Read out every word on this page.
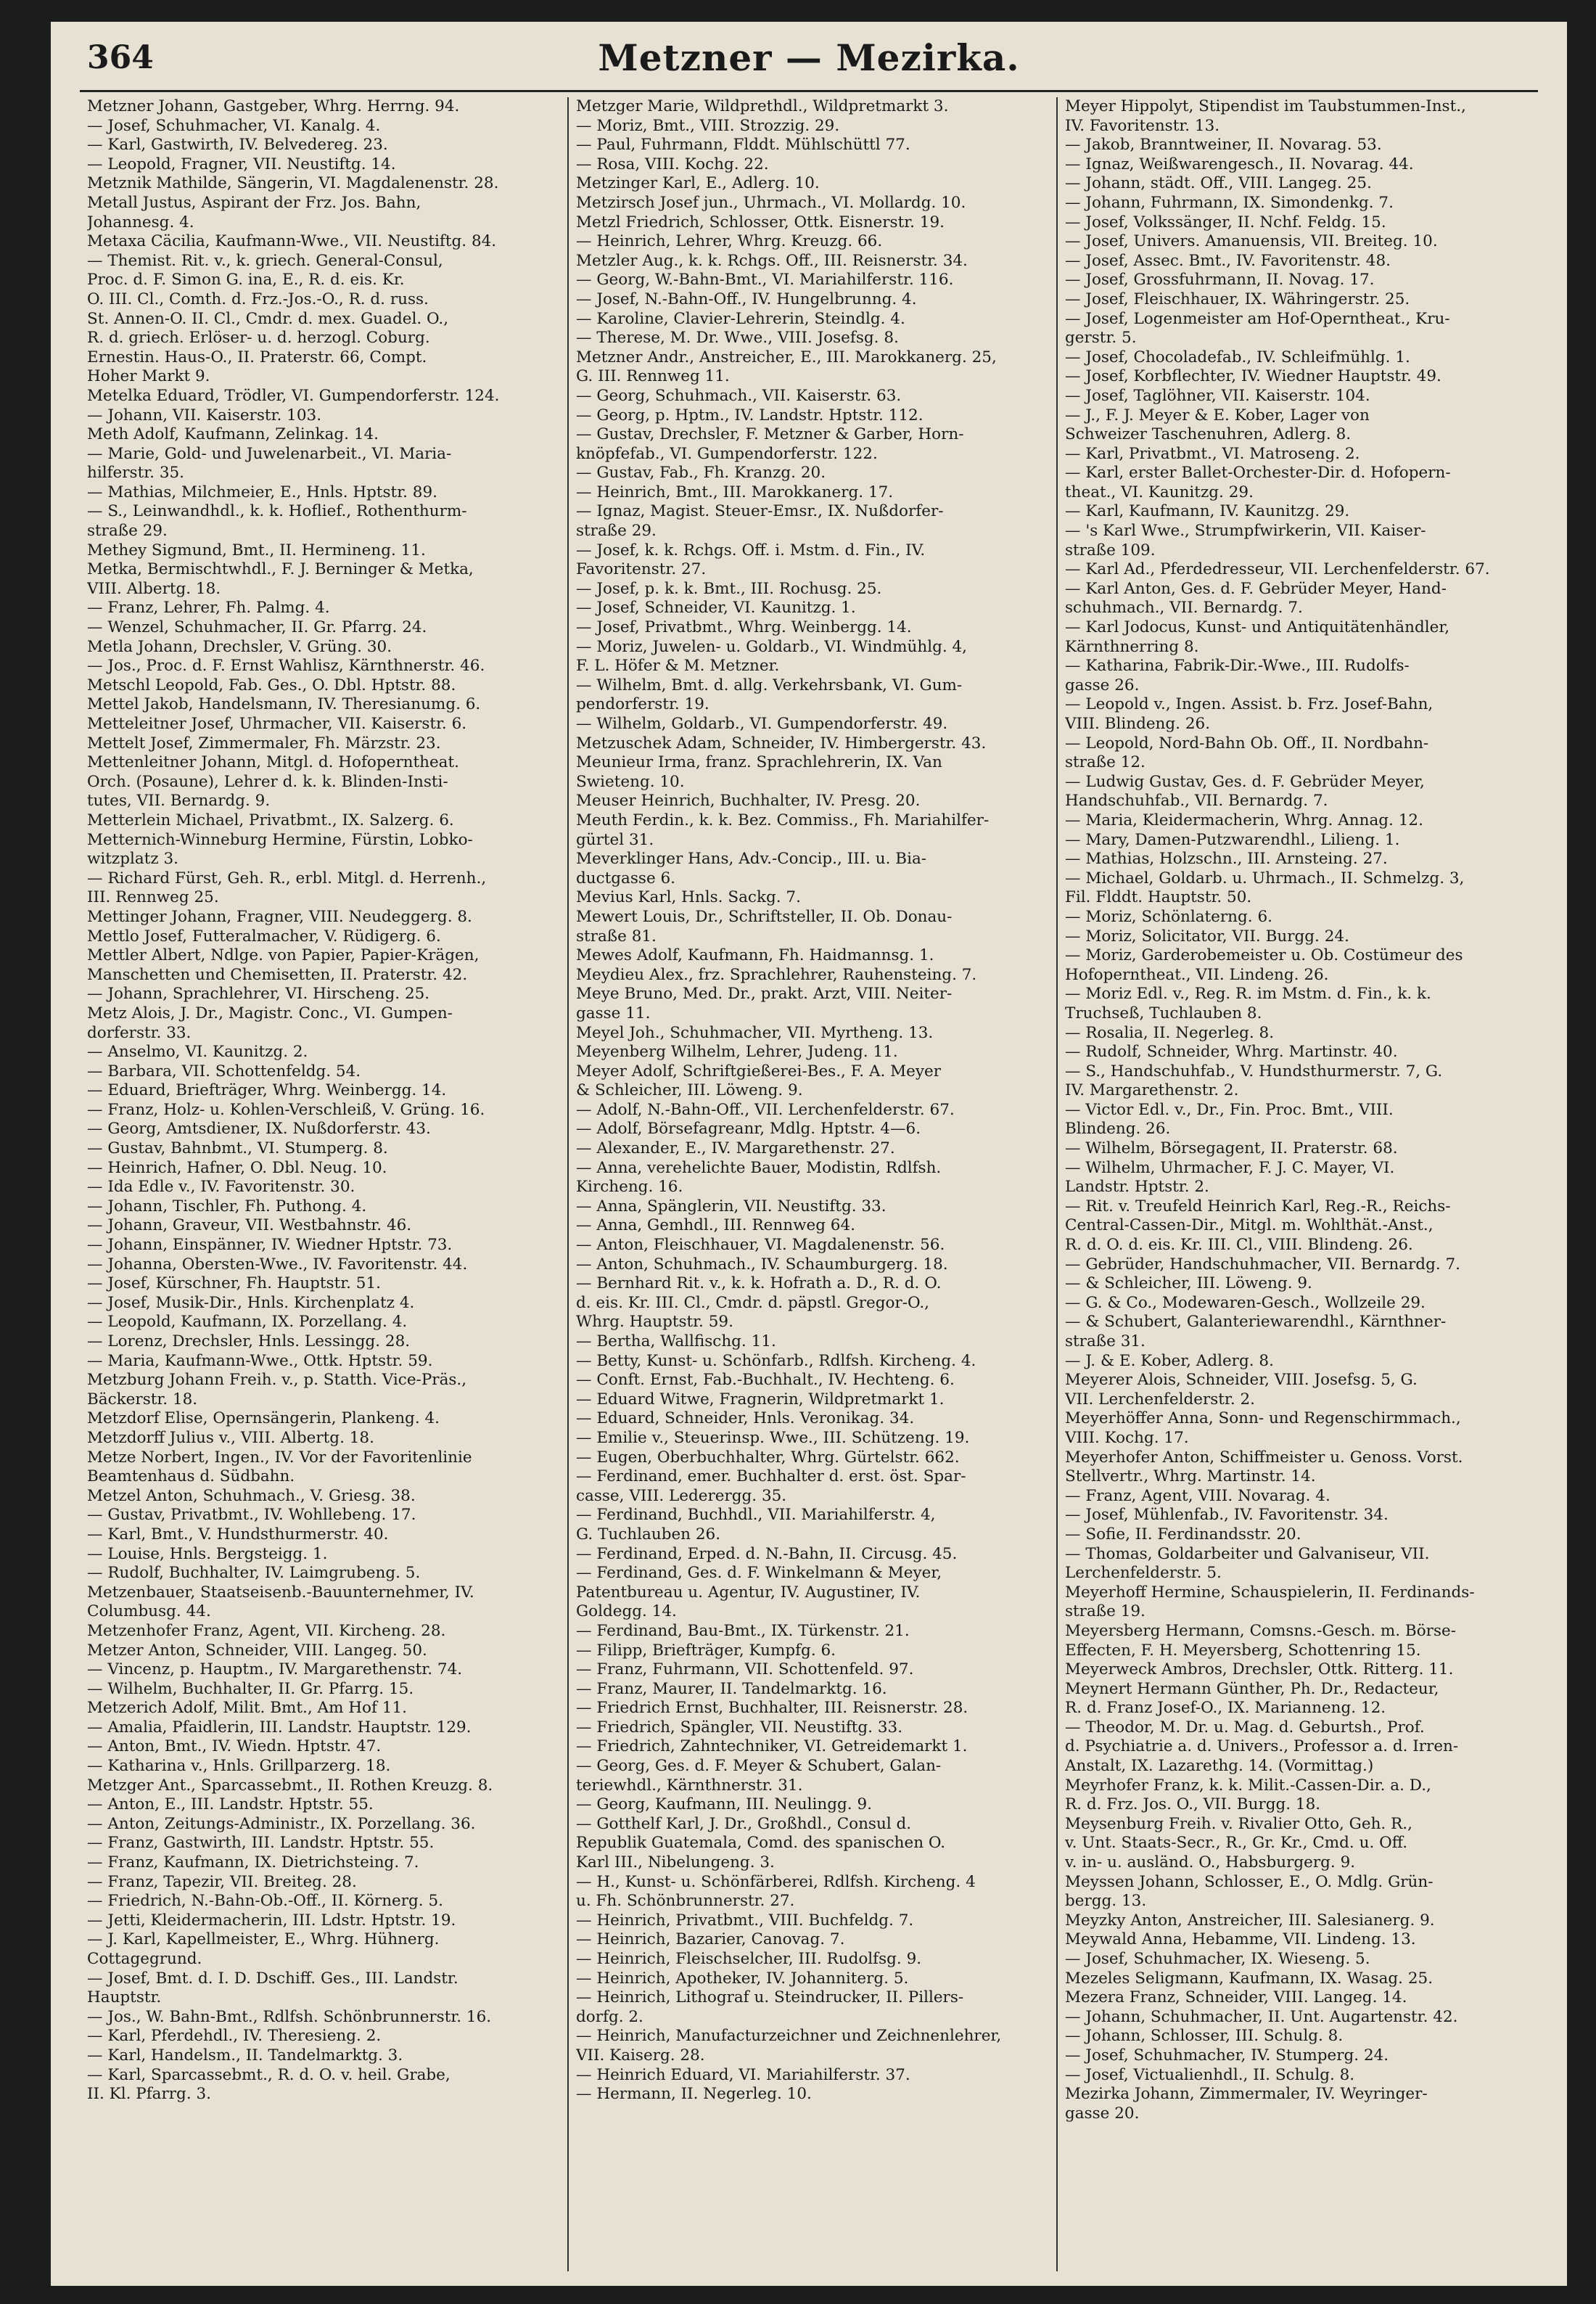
364	Metzner — Mezirka.
Metzner Johann, Gastgeber, Whrg. Herrng. 94.
— Josef, Schuhmacher, VI. Kanalg. 4.
— Karl, Gastwirth, IV. Belvedereg. 23.
— Leopold, Fragner, VII. Neustiftg. 14.
Metznik Mathilde, Sängerin, VI. Magdalenenstr. 28.
Metall Justus, Aspirant der Frz. Jos. Bahn,
Johannesg. 4.
Metaxa Cäcilia, Kaufmann-Wwe., VII. Neustiftg. 84.
— Themist. Rit. v., k. griech. General-Consul,
Proc. d. F. Simon G. ina, E., R. d. eis. Kr.
O. III. Cl., Comth. d. Frz.-Jos.-O., R. d. russ.
St. Annen-O. II. Cl., Cmdr. d. mex. Guadel. O.,
R. d. griech. Erlöser- u. d. herzogl. Coburg.
Ernestin. Haus-O., II. Praterstr. 66, Compt.
Hoher Markt 9.
Metelka Eduard, Trödler, VI. Gumpendorferstr. 124.
— Johann, VII. Kaiserstr. 103.
Meth Adolf, Kaufmann, Zelinkag. 14.
— Marie, Gold- und Juwelenarbeit., VI. Maria-
hilferstr. 35.
— Mathias, Milchmeier, E., Hnls. Hptstr. 89.
— S., Leinwandhdl., k. k. Hoflief., Rothenthurm-
straße 29.
Methey Sigmund, Bmt., II. Hermineng. 11.
Metka, Bermischtwhdl., F. J. Berninger & Metka,
VIII. Albertg. 18.
— Franz, Lehrer, Fh. Palmg. 4.
— Wenzel, Schuhmacher, II. Gr. Pfarrg. 24.
Metla Johann, Drechsler, V. Grüng. 30.
— Jos., Proc. d. F. Ernst Wahlisz, Kärnthnerstr. 46.
Metschl Leopold, Fab. Ges., O. Dbl. Hptstr. 88.
Mettel Jakob, Handelsmann, IV. Theresianumg. 6.
Metteleitner Josef, Uhrmacher, VII. Kaiserstr. 6.
Mettelt Josef, Zimmermaler, Fh. Märzstr. 23.
Mettenleitner Johann, Mitgl. d. Hofoperntheat.
Orch. (Posaune), Lehrer d. k. k. Blinden-Insti-
tutes, VII. Bernardg. 9.
Metterlein Michael, Privatbmt., IX. Salzerg. 6.
Metternich-Winneburg Hermine, Fürstin, Lobko-
witzplatz 3.
— Richard Fürst, Geh. R., erbl. Mitgl. d. Herrenh.,
III. Rennweg 25.
Mettinger Johann, Fragner, VIII. Neudeggerg. 8.
Mettlo Josef, Futteralmacher, V. Rüdigerg. 6.
Mettler Albert, Ndlge. von Papier, Papier-Krägen,
Manschetten und Chemisetten, II. Praterstr. 42.
— Johann, Sprachlehrer, VI. Hirscheng. 25.
Metz Alois, J. Dr., Magistr. Conc., VI. Gumpen-
dorferstr. 33.
— Anselmo, VI. Kaunitzg. 2.
— Barbara, VII. Schottenfeldg. 54.
— Eduard, Briefträger, Whrg. Weinbergg. 14.
— Franz, Holz- u. Kohlen-Verschleiß, V. Grüng. 16.
— Georg, Amtsdiener, IX. Nußdorferstr. 43.
— Gustav, Bahnbmt., VI. Stumperg. 8.
— Heinrich, Hafner, O. Dbl. Neug. 10.
— Ida Edle v., IV. Favoritenstr. 30.
— Johann, Tischler, Fh. Puthong. 4.
— Johann, Graveur, VII. Westbahnstr. 46.
— Johann, Einspänner, IV. Wiedner Hptstr. 73.
— Johanna, Obersten-Wwe., IV. Favoritenstr. 44.
— Josef, Kürschner, Fh. Hauptstr. 51.
— Josef, Musik-Dir., Hnls. Kirchenplatz 4.
— Leopold, Kaufmann, IX. Porzellang. 4.
— Lorenz, Drechsler, Hnls. Lessingg. 28.
— Maria, Kaufmann-Wwe., Ottk. Hptstr. 59.
Metzburg Johann Freih. v., p. Statth. Vice-Präs.,
Bäckerstr. 18.
Metzdorf Elise, Opernsängerin, Plankeng. 4.
Metzdorff Julius v., VIII. Albertg. 18.
Metze Norbert, Ingen., IV. Vor der Favoritenlinie
Beamtenhaus d. Südbahn.
Metzel Anton, Schuhmach., V. Griesg. 38.
— Gustav, Privatbmt., IV. Wohllebeng. 17.
— Karl, Bmt., V. Hundsthurmerstr. 40.
— Louise, Hnls. Bergsteigg. 1.
— Rudolf, Buchhalter, IV. Laimgrubeng. 5.
Metzenbauer, Staatseisenb.-Bauunternehmer, IV.
Columbusg. 44.
Metzenhofer Franz, Agent, VII. Kircheng. 28.
Metzer Anton, Schneider, VIII. Langeg. 50.
— Vincenz, p. Hauptm., IV. Margarethenstr. 74.
— Wilhelm, Buchhalter, II. Gr. Pfarrg. 15.
Metzerich Adolf, Milit. Bmt., Am Hof 11.
— Amalia, Pfaidlerin, III. Landstr. Hauptstr. 129.
— Anton, Bmt., IV. Wiedn. Hptstr. 47.
— Katharina v., Hnls. Grillparzerg. 18.
Metzger Ant., Sparcassebmt., II. Rothen Kreuzg. 8.
— Anton, E., III. Landstr. Hptstr. 55.
— Anton, Zeitungs-Administr., IX. Porzellang. 36.
— Franz, Gastwirth, III. Landstr. Hptstr. 55.
— Franz, Kaufmann, IX. Dietrichsteing. 7.
— Franz, Tapezir, VII. Breiteg. 28.
— Friedrich, N.-Bahn-Ob.-Off., II. Körnerg. 5.
— Jetti, Kleidermacherin, III. Ldstr. Hptstr. 19.
— J. Karl, Kapellmeister, E., Whrg. Hühnerg.
Cottagegrund.
— Josef, Bmt. d. I. D. Dschiff. Ges., III. Landstr.
Hauptstr.
— Jos., W. Bahn-Bmt., Rdlfsh. Schönbrunnerstr. 16.
— Karl, Pferdehdl., IV. Theresieng. 2.
— Karl, Handelsm., II. Tandelmarktg. 3.
— Karl, Sparcassebmt., R. d. O. v. heil. Grabe,
II. Kl. Pfarrg. 3.
Metzger Marie, Wildprethdl., Wildpretmarkt 3.
— Moriz, Bmt., VIII. Strozzig. 29.
— Paul, Fuhrmann, Flddt. Mühlschüttl 77.
— Rosa, VIII. Kochg. 22.
Metzinger Karl, E., Adlerg. 10.
Metzirsch Josef jun., Uhrmach., VI. Mollardg. 10.
Metzl Friedrich, Schlosser, Ottk. Eisnerstr. 19.
— Heinrich, Lehrer, Whrg. Kreuzg. 66.
Metzler Aug., k. k. Rchgs. Off., III. Reisnerstr. 34.
— Georg, W.-Bahn-Bmt., VI. Mariahilferstr. 116.
— Josef, N.-Bahn-Off., IV. Hungelbrunng. 4.
— Karoline, Clavier-Lehrerin, Steindlg. 4.
— Therese, M. Dr. Wwe., VIII. Josefsg. 8.
Metzner Andr., Anstreicher, E., III. Marokkanerg. 25,
G. III. Rennweg 11.
— Georg, Schuhmach., VII. Kaiserstr. 63.
— Georg, p. Hptm., IV. Landstr. Hptstr. 112.
— Gustav, Drechsler, F. Metzner & Garber, Horn-
knöpfefab., VI. Gumpendorferstr. 122.
— Gustav, Fab., Fh. Kranzg. 20.
— Heinrich, Bmt., III. Marokkanerg. 17.
— Ignaz, Magist. Steuer-Emsr., IX. Nußdorfer-
straße 29.
— Josef, k. k. Rchgs. Off. i. Mstm. d. Fin., IV.
Favoritenstr. 27.
— Josef, p. k. k. Bmt., III. Rochusg. 25.
— Josef, Schneider, VI. Kaunitzg. 1.
— Josef, Privatbmt., Whrg. Weinbergg. 14.
— Moriz, Juwelen- u. Goldarb., VI. Windmühlg. 4,
F. L. Höfer & M. Metzner.
— Wilhelm, Bmt. d. allg. Verkehrsbank, VI. Gum-
pendorferstr. 19.
— Wilhelm, Goldarb., VI. Gumpendorferstr. 49.
Metzuschek Adam, Schneider, IV. Himbergerstr. 43.
Meunieur Irma, franz. Sprachlehrerin, IX. Van
Swieteng. 10.
Meuser Heinrich, Buchhalter, IV. Presg. 20.
Meuth Ferdin., k. k. Bez. Commiss., Fh. Mariahilfer-
gürtel 31.
Meverklinger Hans, Adv.-Concip., III. u. Bia-
ductgasse 6.
Mevius Karl, Hnls. Sackg. 7.
Mewert Louis, Dr., Schriftsteller, II. Ob. Donau-
straße 81.
Mewes Adolf, Kaufmann, Fh. Haidmannsg. 1.
Meydieu Alex., frz. Sprachlehrer, Rauhensteing. 7.
Meye Bruno, Med. Dr., prakt. Arzt, VIII. Neiter-
gasse 11.
Meyel Joh., Schuhmacher, VII. Myrtheng. 13.
Meyenberg Wilhelm, Lehrer, Judeng. 11.
Meyer Adolf, Schriftgießerei-Bes., F. A. Meyer
& Schleicher, III. Löweng. 9.
— Adolf, N.-Bahn-Off., VII. Lerchenfelderstr. 67.
— Adolf, Börsefagreanr, Mdlg. Hptstr. 4—6.
— Alexander, E., IV. Margarethenstr. 27.
— Anna, verehelichte Bauer, Modistin, Rdlfsh.
Kircheng. 16.
— Anna, Spänglerin, VII. Neustiftg. 33.
— Anna, Gemhdl., III. Rennweg 64.
— Anton, Fleischhauer, VI. Magdalenenstr. 56.
— Anton, Schuhmach., IV. Schaumburgerg. 18.
— Bernhard Rit. v., k. k. Hofrath a. D., R. d. O.
d. eis. Kr. III. Cl., Cmdr. d. päpstl. Gregor-O.,
Whrg. Hauptstr. 59.
— Bertha, Wallfischg. 11.
— Betty, Kunst- u. Schönfarb., Rdlfsh. Kircheng. 4.
— Conft. Ernst, Fab.-Buchhalt., IV. Hechteng. 6.
— Eduard Witwe, Fragnerin, Wildpretmarkt 1.
— Eduard, Schneider, Hnls. Veronikag. 34.
— Emilie v., Steuerinsp. Wwe., III. Schützeng. 19.
— Eugen, Oberbuchhalter, Whrg. Gürtelstr. 662.
— Ferdinand, emer. Buchhalter d. erst. öst. Spar-
casse, VIII. Lederergg. 35.
— Ferdinand, Buchhdl., VII. Mariahilferstr. 4,
G. Tuchlauben 26.
— Ferdinand, Erped. d. N.-Bahn, II. Circusg. 45.
— Ferdinand, Ges. d. F. Winkelmann & Meyer,
Patentbureau u. Agentur, IV. Augustiner, IV.
Goldegg. 14.
— Ferdinand, Bau-Bmt., IX. Türkenstr. 21.
— Filipp, Briefträger, Kumpfg. 6.
— Franz, Fuhrmann, VII. Schottenfeld. 97.
— Franz, Maurer, II. Tandelmarktg. 16.
— Friedrich Ernst, Buchhalter, III. Reisnerstr. 28.
— Friedrich, Spängler, VII. Neustiftg. 33.
— Friedrich, Zahntechniker, VI. Getreidemarkt 1.
— Georg, Ges. d. F. Meyer & Schubert, Galan-
teriewhdl., Kärnthnerstr. 31.
— Georg, Kaufmann, III. Neulingg. 9.
— Gotthelf Karl, J. Dr., Großhdl., Consul d.
Republik Guatemala, Comd. des spanischen O.
Karl III., Nibelungeng. 3.
— H., Kunst- u. Schönfärberei, Rdlfsh. Kircheng. 4
u. Fh. Schönbrunnerstr. 27.
— Heinrich, Privatbmt., VIII. Buchfeldg. 7.
— Heinrich, Bazarier, Canovag. 7.
— Heinrich, Fleischselcher, III. Rudolfsg. 9.
— Heinrich, Apotheker, IV. Johanniterg. 5.
— Heinrich, Lithograf u. Steindrucker, II. Pillers-
dorfg. 2.
— Heinrich, Manufacturzeichner und Zeichnenlehrer,
VII. Kaiserg. 28.
— Heinrich Eduard, VI. Mariahilferstr. 37.
— Hermann, II. Negerleg. 10.
Meyer Hippolyt, Stipendist im Taubstummen-Inst.,
IV. Favoritenstr. 13.
— Jakob, Branntweiner, II. Novarag. 53.
— Ignaz, Weißwarengesch., II. Novarag. 44.
— Johann, städt. Off., VIII. Langeg. 25.
— Johann, Fuhrmann, IX. Simondenkg. 7.
— Josef, Volkssänger, II. Nchf. Feldg. 15.
— Josef, Univers. Amanuensis, VII. Breiteg. 10.
— Josef, Assec. Bmt., IV. Favoritenstr. 48.
— Josef, Grossfuhrmann, II. Novag. 17.
— Josef, Fleischhauer, IX. Währingerstr. 25.
— Josef, Logenmeister am Hof-Operntheat., Kru-
gerstr. 5.
— Josef, Chocoladefab., IV. Schleifmühlg. 1.
— Josef, Korbflechter, IV. Wiedner Hauptstr. 49.
— Josef, Taglöhner, VII. Kaiserstr. 104.
— J., F. J. Meyer & E. Kober, Lager von
Schweizer Taschenuhren, Adlerg. 8.
— Karl, Privatbmt., VI. Matroseng. 2.
— Karl, erster Ballet-Orchester-Dir. d. Hofopern-
theat., VI. Kaunitzg. 29.
— Karl, Kaufmann, IV. Kaunitzg. 29.
— 's Karl Wwe., Strumpfwirkerin, VII. Kaiser-
straße 109.
— Karl Ad., Pferdedresseur, VII. Lerchenfelderstr. 67.
— Karl Anton, Ges. d. F. Gebrüder Meyer, Hand-
schuhmach., VII. Bernardg. 7.
— Karl Jodocus, Kunst- und Antiquitätenhändler,
Kärnthnerring 8.
— Katharina, Fabrik-Dir.-Wwe., III. Rudolfs-
gasse 26.
— Leopold v., Ingen. Assist. b. Frz. Josef-Bahn,
VIII. Blindeng. 26.
— Leopold, Nord-Bahn Ob. Off., II. Nordbahn-
straße 12.
— Ludwig Gustav, Ges. d. F. Gebrüder Meyer,
Handschuhfab., VII. Bernardg. 7.
— Maria, Kleidermacherin, Whrg. Annag. 12.
— Mary, Damen-Putzwarendhl., Lilieng. 1.
— Mathias, Holzschn., III. Arnsteing. 27.
— Michael, Goldarb. u. Uhrmach., II. Schmelzg. 3,
Fil. Flddt. Hauptstr. 50.
— Moriz, Schönlaterng. 6.
— Moriz, Solicitator, VII. Burgg. 24.
— Moriz, Garderobemeister u. Ob. Costümeur des
Hofoperntheat., VII. Lindeng. 26.
— Moriz Edl. v., Reg. R. im Mstm. d. Fin., k. k.
Truchseß, Tuchlauben 8.
— Rosalia, II. Negerleg. 8.
— Rudolf, Schneider, Whrg. Martinstr. 40.
— S., Handschuhfab., V. Hundsthurmerstr. 7, G.
IV. Margarethenstr. 2.
— Victor Edl. v., Dr., Fin. Proc. Bmt., VIII.
Blindeng. 26.
— Wilhelm, Börsegagent, II. Praterstr. 68.
— Wilhelm, Uhrmacher, F. J. C. Mayer, VI.
Landstr. Hptstr. 2.
— Rit. v. Treufeld Heinrich Karl, Reg.-R., Reichs-
Central-Cassen-Dir., Mitgl. m. Wohlthät.-Anst.,
R. d. O. d. eis. Kr. III. Cl., VIII. Blindeng. 26.
— Gebrüder, Handschuhmacher, VII. Bernardg. 7.
— & Schleicher, III. Löweng. 9.
— G. & Co., Modewaren-Gesch., Wollzeile 29.
— & Schubert, Galanteriewarendhl., Kärnthner-
straße 31.
— J. & E. Kober, Adlerg. 8.
Meyerer Alois, Schneider, VIII. Josefsg. 5, G.
VII. Lerchenfelderstr. 2.
Meyerhöffer Anna, Sonn- und Regenschirmmach.,
VIII. Kochg. 17.
Meyerhofer Anton, Schiffmeister u. Genoss. Vorst.
Stellvertr., Whrg. Martinstr. 14.
— Franz, Agent, VIII. Novarag. 4.
— Josef, Mühlenfab., IV. Favoritenstr. 34.
— Sofie, II. Ferdinandsstr. 20.
— Thomas, Goldarbeiter und Galvaniseur, VII.
Lerchenfelderstr. 5.
Meyerhoff Hermine, Schauspielerin, II. Ferdinands-
straße 19.
Meyersberg Hermann, Comsns.-Gesch. m. Börse-
Effecten, F. H. Meyersberg, Schottenring 15.
Meyerweck Ambros, Drechsler, Ottk. Ritterg. 11.
Meynert Hermann Günther, Ph. Dr., Redacteur,
R. d. Franz Josef-O., IX. Marianneng. 12.
— Theodor, M. Dr. u. Mag. d. Geburtsh., Prof.
d. Psychiatrie a. d. Univers., Professor a. d. Irren-
Anstalt, IX. Lazarethg. 14. (Vormittag.)
Meyrhofer Franz, k. k. Milit.-Cassen-Dir. a. D.,
R. d. Frz. Jos. O., VII. Burgg. 18.
Meysenburg Freih. v. Rivalier Otto, Geh. R.,
v. Unt. Staats-Secr., R., Gr. Kr., Cmd. u. Off.
v. in- u. ausländ. O., Habsburgerg. 9.
Meyssen Johann, Schlosser, E., O. Mdlg. Grün-
bergg. 13.
Meyzky Anton, Anstreicher, III. Salesianerg. 9.
Meywald Anna, Hebamme, VII. Lindeng. 13.
— Josef, Schuhmacher, IX. Wieseng. 5.
Mezeles Seligmann, Kaufmann, IX. Wasag. 25.
Mezera Franz, Schneider, VIII. Langeg. 14.
— Johann, Schuhmacher, II. Unt. Augartenstr. 42.
— Johann, Schlosser, III. Schulg. 8.
— Josef, Schuhmacher, IV. Stumperg. 24.
— Josef, Victualienhdl., II. Schulg. 8.
Mezirka Johann, Zimmermaler, IV. Weyringer-
gasse 20.
